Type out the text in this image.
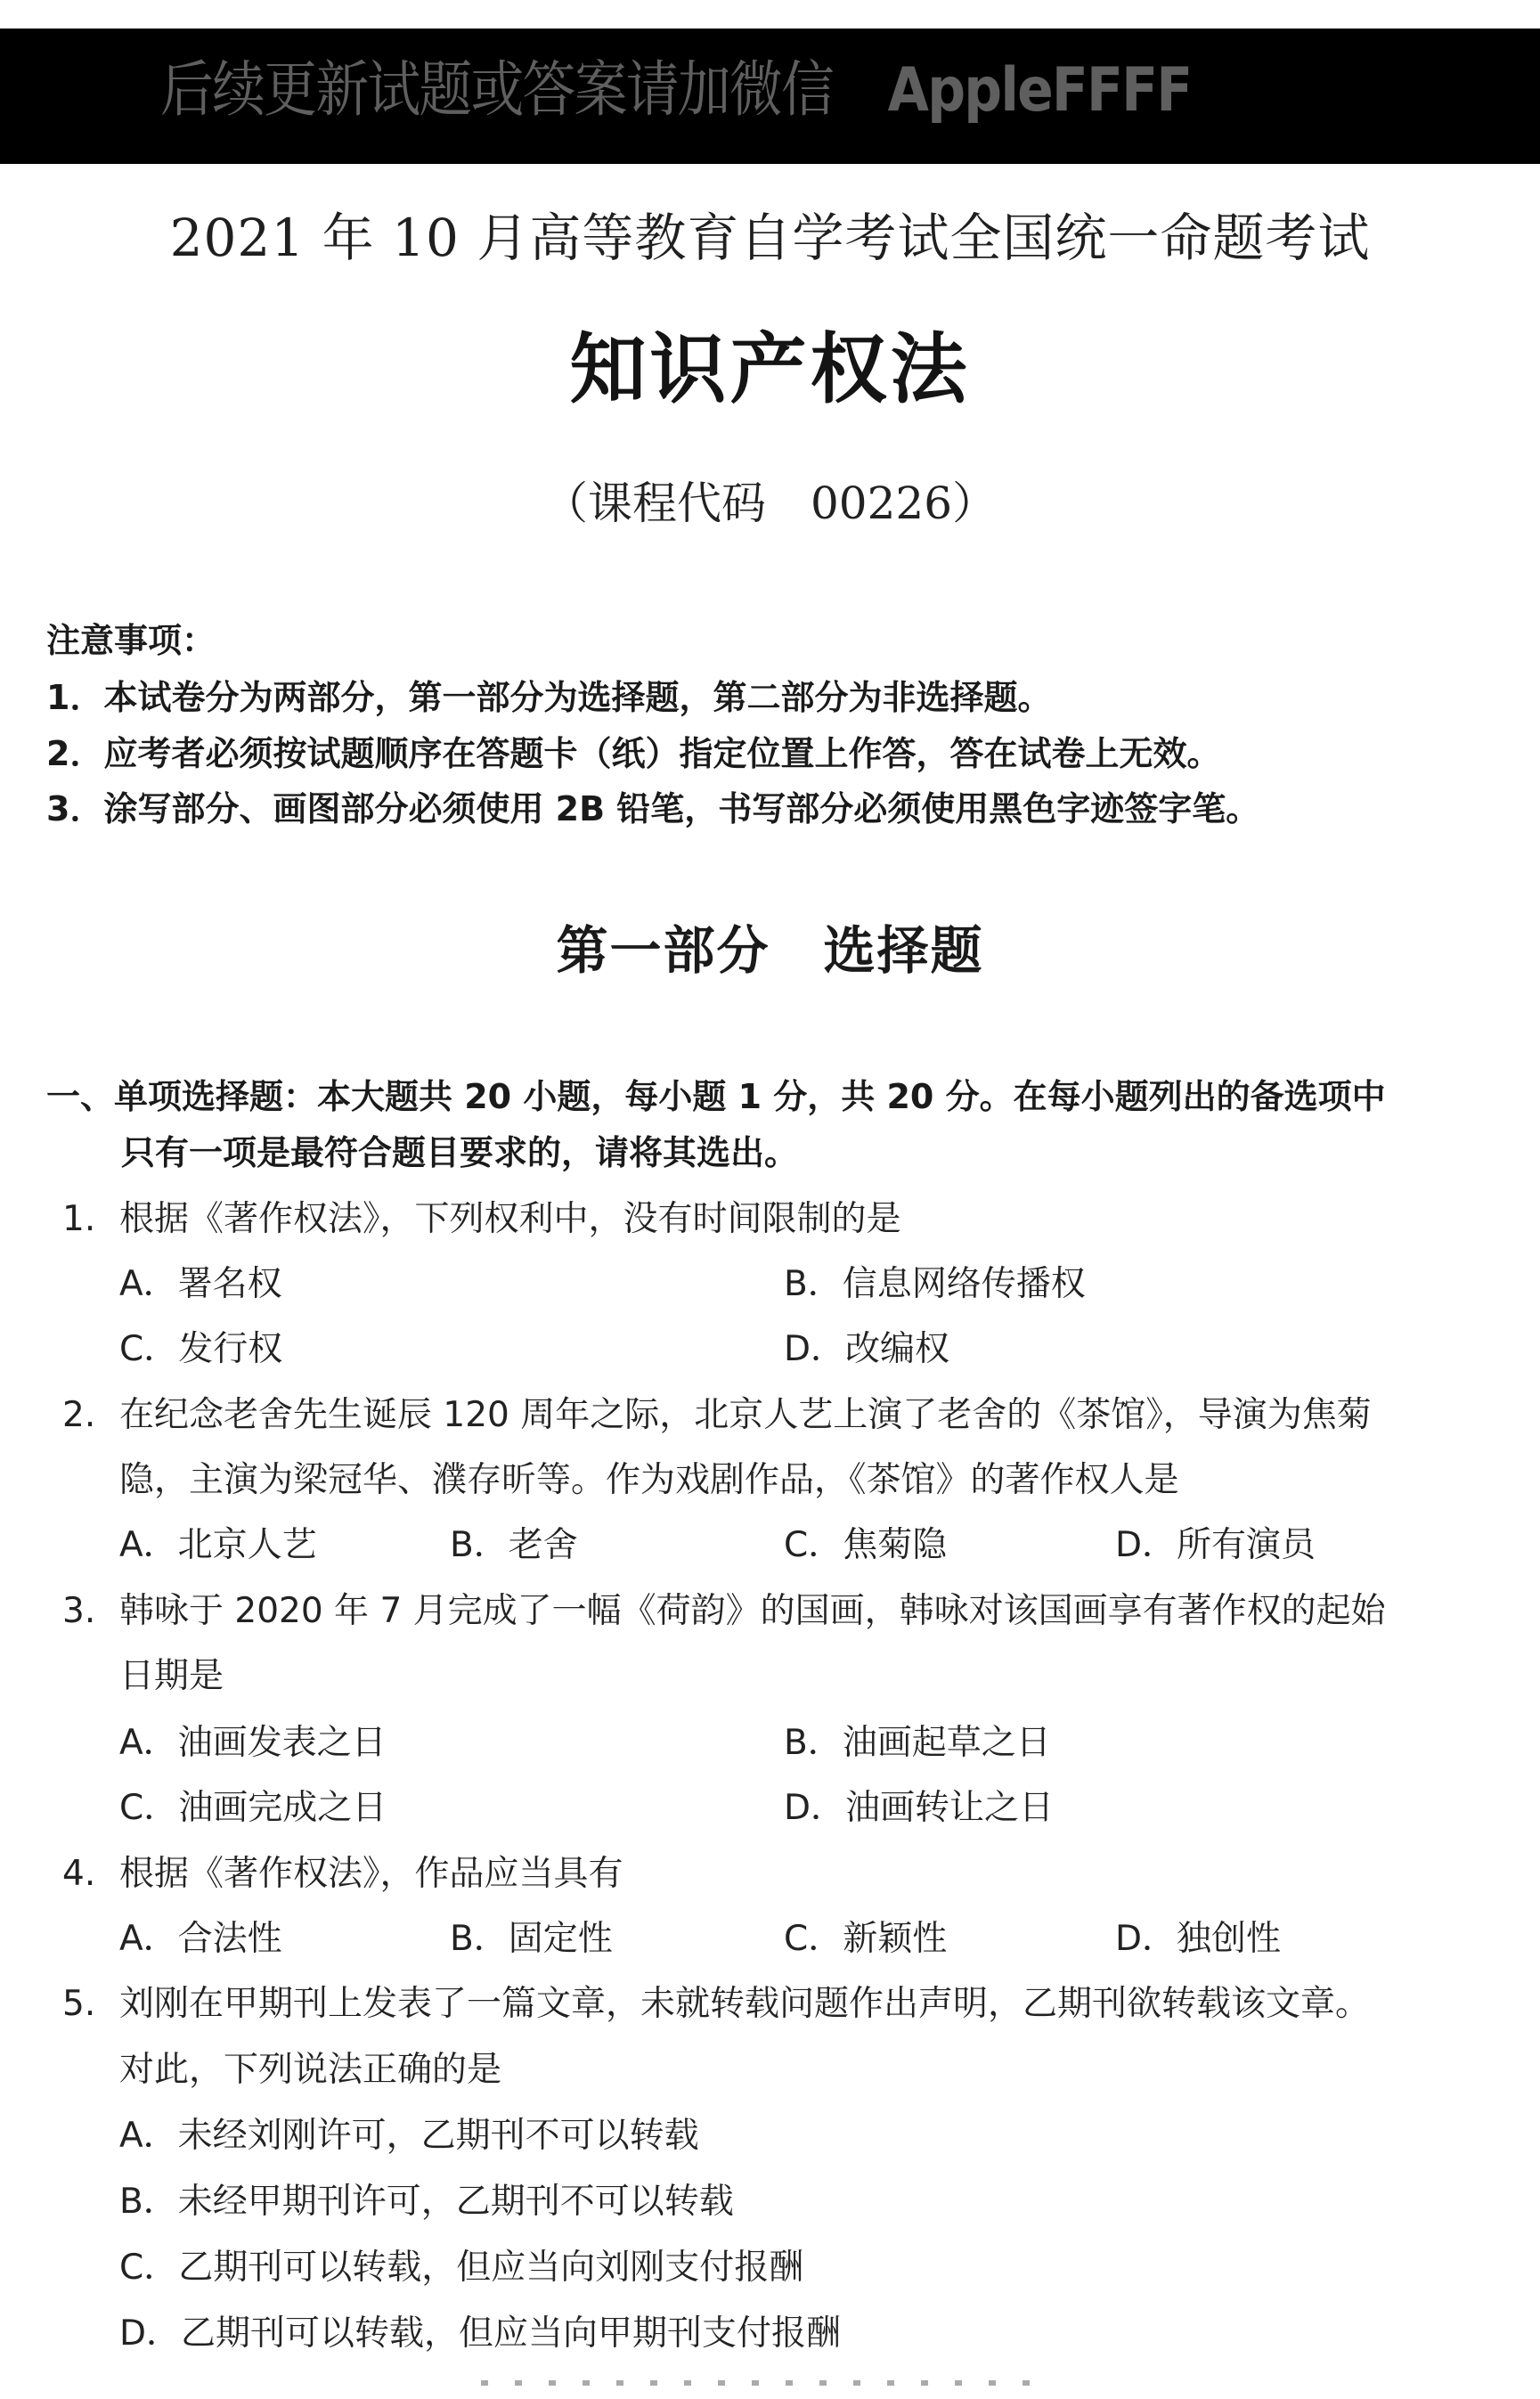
后续更新试题或答案请加微信 AppleFFFF
2021 年 10 月高等教育自学考试全国统一命题考试
知识产权法
（课程代码　00226）
注意事项：
1．本试卷分为两部分，第一部分为选择题，第二部分为非选择题。
2．应考者必须按试题顺序在答题卡（纸）指定位置上作答，答在试卷上无效。
3．涂写部分、画图部分必须使用 2B 铅笔，书写部分必须使用黑色字迹签字笔。
第一部分　选择题
一、单项选择题：本大题共 20 小题，每小题 1 分，共 20 分。在每小题列出的备选项中
只有一项是最符合题目要求的，请将其选出。
1. 根据《著作权法》，下列权利中，没有时间限制的是
A．署名权	B．信息网络传播权
C．发行权	D．改编权
2. 在纪念老舍先生诞辰 120 周年之际，北京人艺上演了老舍的《茶馆》，导演为焦菊
隐，主演为梁冠华、濮存昕等。作为戏剧作品，《茶馆》的著作权人是
A．北京人艺	B．老舍	C．焦菊隐	D．所有演员
3. 韩咏于 2020 年 7 月完成了一幅《荷韵》的国画，韩咏对该国画享有著作权的起始
日期是
A．油画发表之日	B．油画起草之日
C．油画完成之日	D．油画转让之日
4. 根据《著作权法》，作品应当具有
A．合法性	B．固定性	C．新颖性	D．独创性
5. 刘刚在甲期刊上发表了一篇文章，未就转载问题作出声明，乙期刊欲转载该文章。
对此，下列说法正确的是
A．未经刘刚许可，乙期刊不可以转载
B．未经甲期刊许可，乙期刊不可以转载
C．乙期刊可以转载，但应当向刘刚支付报酬
D．乙期刊可以转载，但应当向甲期刊支付报酬
